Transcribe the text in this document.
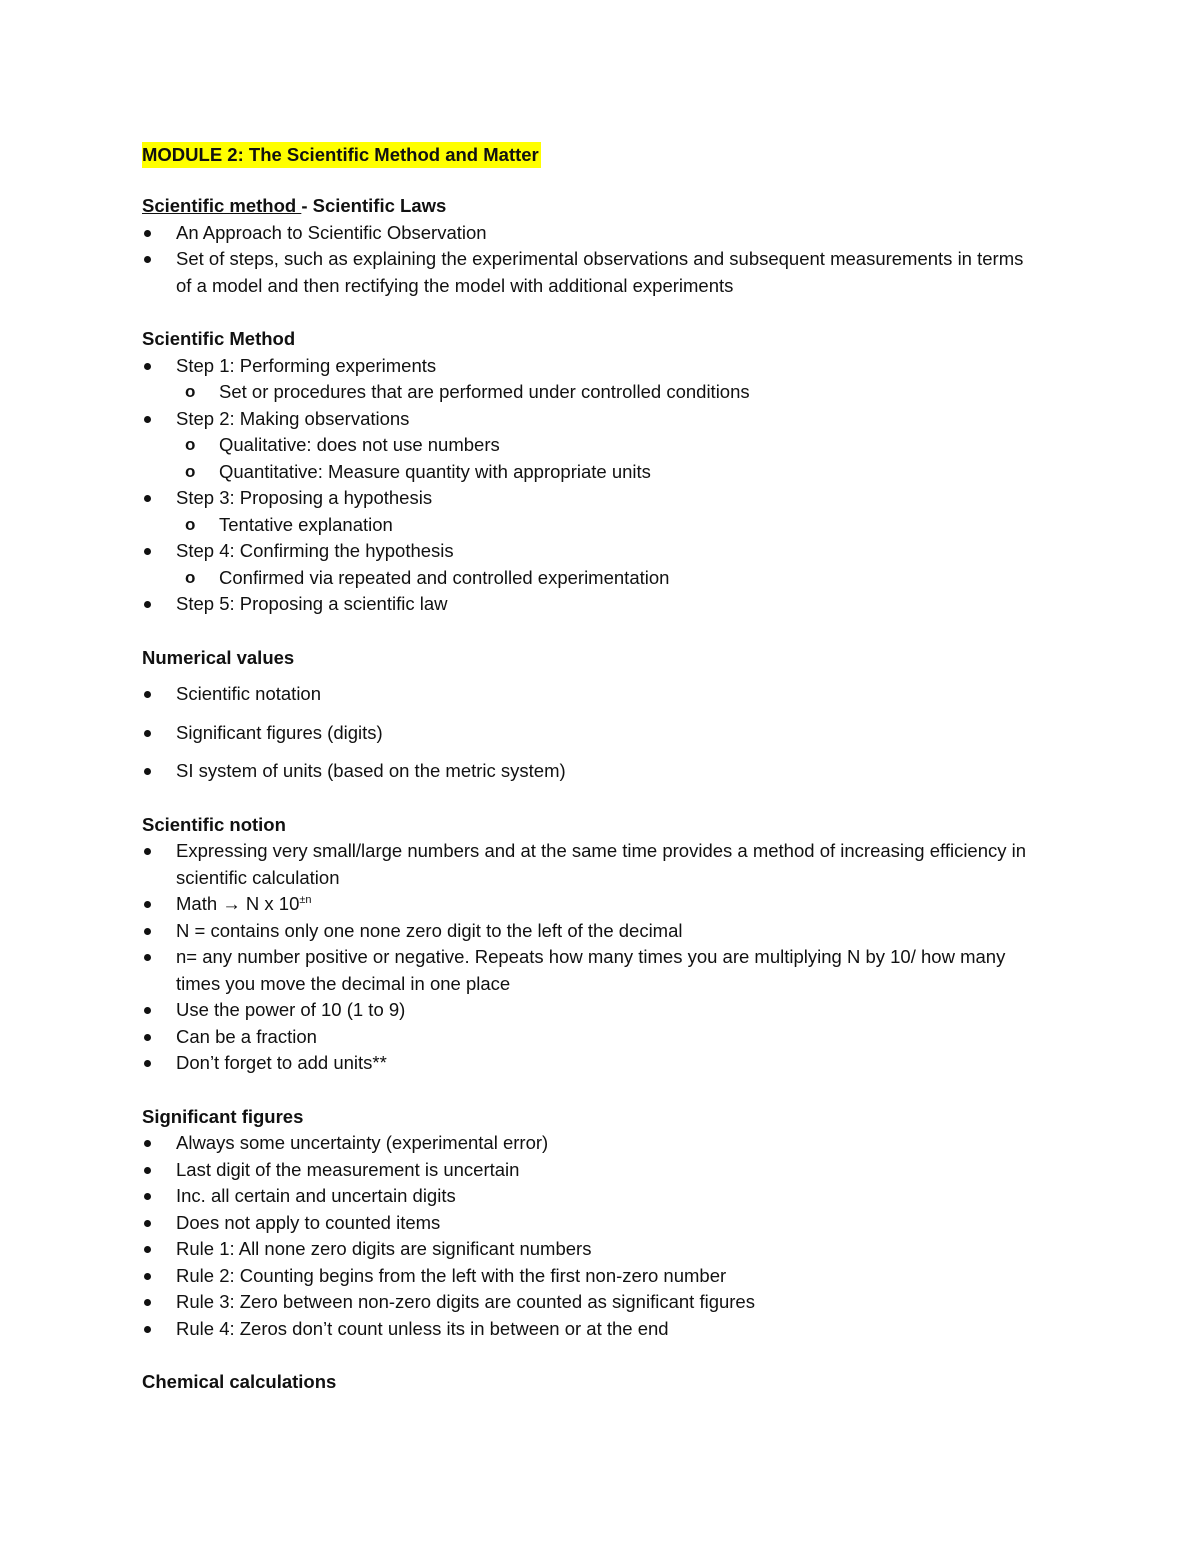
MODULE 2: The Scientific Method and Matter

Scientific method - Scientific Laws

An Approach to Scientific Observation
Set of steps, such as explaining the experimental observations and subsequent measurements in terms of a model and then rectifying the model with additional experiments

Scientific Method

Step 1: Performing experiments
o Set or procedures that are performed under controlled conditions
Step 2: Making observations
o Qualitative: does not use numbers
o Quantitative: Measure quantity with appropriate units
Step 3: Proposing a hypothesis
o Tentative explanation
Step 4: Confirming the hypothesis
o Confirmed via repeated and controlled experimentation
Step 5: Proposing a scientific law

Numerical values

Scientific notation
Significant figures (digits)
SI system of units (based on the metric system)

Scientific notion

Expressing very small/large numbers and at the same time provides a method of increasing efficiency in scientific calculation
Math → N x $10^{\pm n}$
N = contains only one none zero digit to the left of the decimal
n= any number positive or negative. Repeats how many times you are multiplying N by 10/ how many times you move the decimal in one place
Use the power of 10 (1 to 9)
Can be a fraction
Don’t forget to add units**

Significant figures

Always some uncertainty (experimental error)
Last digit of the measurement is uncertain
Inc. all certain and uncertain digits
Does not apply to counted items
Rule 1: All none zero digits are significant numbers
Rule 2: Counting begins from the left with the first non-zero number
Rule 3: Zero between non-zero digits are counted as significant figures
Rule 4: Zeros don’t count unless its in between or at the end

Chemical calculations
